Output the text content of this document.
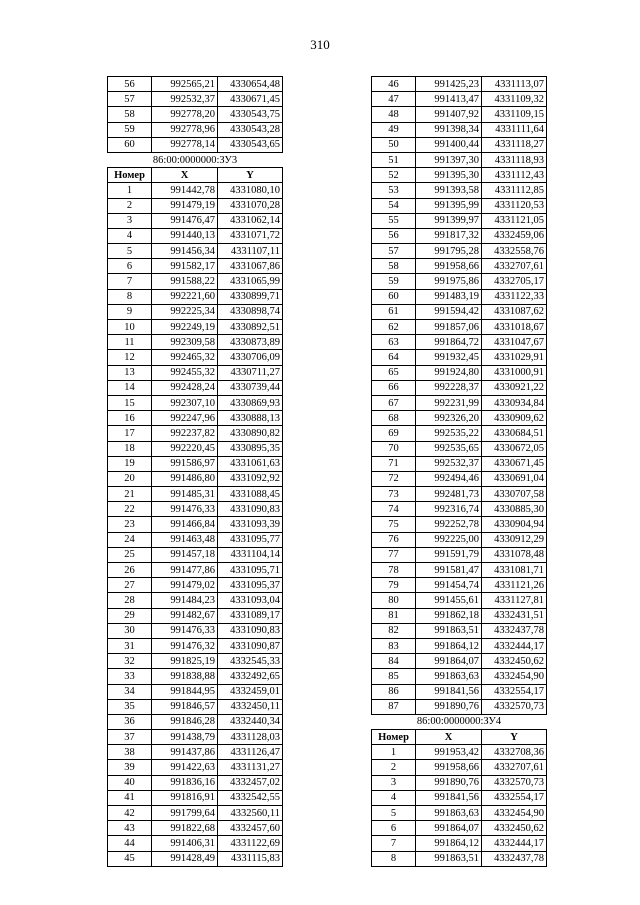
310
56	992565,21	4330654,48
57	992532,37	4330671,45
58	992778,20	4330543,75
59	992778,96	4330543,28
60	992778,14	4330543,65
86:00:0000000:ЗУ3		
Номер	X	Y
1	991442,78	4331080,10
2	991479,19	4331070,28
3	991476,47	4331062,14
4	991440,13	4331071,72
5	991456,34	4331107,11
6	991582,17	4331067,86
7	991588,22	4331065,99
8	992221,60	4330899,71
9	992225,34	4330898,74
10	992249,19	4330892,51
11	992309,58	4330873,89
12	992465,32	4330706,09
13	992455,32	4330711,27
14	992428,24	4330739,44
15	992307,10	4330869,93
16	992247,96	4330888,13
17	992237,82	4330890,82
18	992220,45	4330895,35
19	991586,97	4331061,63
20	991486,80	4331092,92
21	991485,31	4331088,45
22	991476,33	4331090,83
23	991466,84	4331093,39
24	991463,48	4331095,77
25	991457,18	4331104,14
26	991477,86	4331095,71
27	991479,02	4331095,37
28	991484,23	4331093,04
29	991482,67	4331089,17
30	991476,33	4331090,83
31	991476,32	4331090,87
32	991825,19	4332545,33
33	991838,88	4332492,65
34	991844,95	4332459,01
35	991846,57	4332450,11
36	991846,28	4332440,34
37	991438,79	4331128,03
38	991437,86	4331126,47
39	991422,63	4331131,27
40	991836,16	4332457,02
41	991816,91	4332542,55
42	991799,64	4332560,11
43	991822,68	4332457,60
44	991406,31	4331122,69
45	991428,49	4331115,83
46	991425,23	4331113,07
47	991413,47	4331109,32
48	991407,92	4331109,15
49	991398,34	4331111,64
50	991400,44	4331118,27
51	991397,30	4331118,93
52	991395,30	4331112,43
53	991393,58	4331112,85
54	991395,99	4331120,53
55	991399,97	4331121,05
56	991817,32	4332459,06
57	991795,28	4332558,76
58	991958,66	4332707,61
59	991975,86	4332705,17
60	991483,19	4331122,33
61	991594,42	4331087,62
62	991857,06	4331018,67
63	991864,72	4331047,67
64	991932,45	4331029,91
65	991924,80	4331000,91
66	992228,37	4330921,22
67	992231,99	4330934,84
68	992326,20	4330909,62
69	992535,22	4330684,51
70	992535,65	4330672,05
71	992532,37	4330671,45
72	992494,46	4330691,04
73	992481,73	4330707,58
74	992316,74	4330885,30
75	992252,78	4330904,94
76	992225,00	4330912,29
77	991591,79	4331078,48
78	991581,47	4331081,71
79	991454,74	4331121,26
80	991455,61	4331127,81
81	991862,18	4332431,51
82	991863,51	4332437,78
83	991864,12	4332444,17
84	991864,07	4332450,62
85	991863,63	4332454,90
86	991841,56	4332554,17
87	991890,76	4332570,73
86:00:0000000:ЗУ4		
Номер	X	Y
1	991953,42	4332708,36
2	991958,66	4332707,61
3	991890,76	4332570,73
4	991841,56	4332554,17
5	991863,63	4332454,90
6	991864,07	4332450,62
7	991864,12	4332444,17
8	991863,51	4332437,78
